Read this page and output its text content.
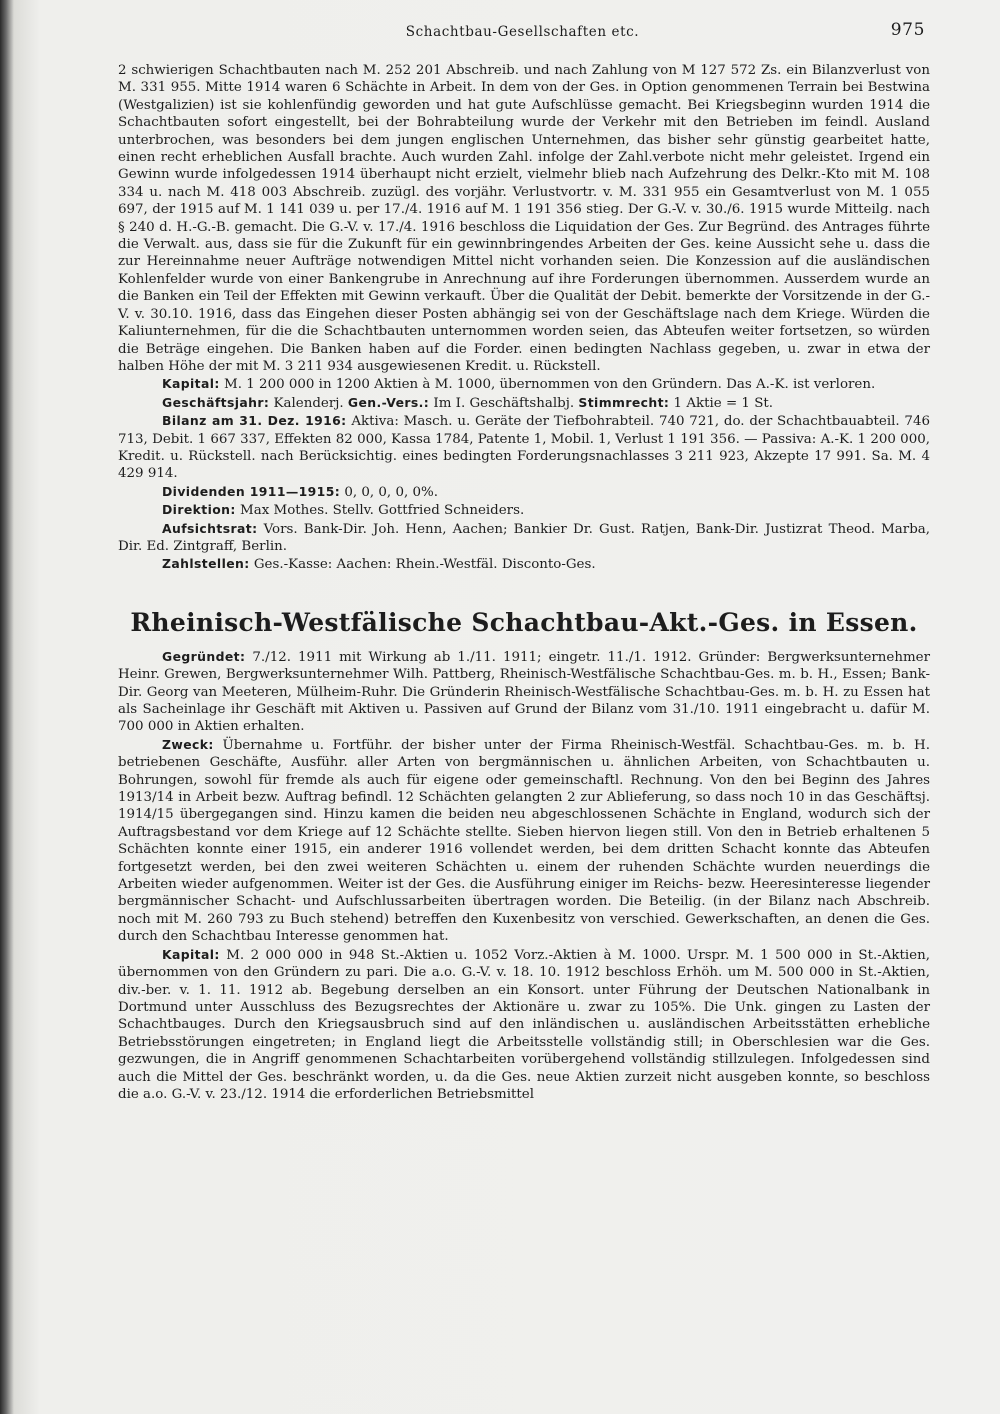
Schachtbau-Gesellschaften etc.	975

2 schwierigen Schachtbauten nach M. 252 201 Abschreib. und nach Zahlung von M 127 572 Zs. ein Bilanzverlust von M. 331 955. Mitte 1914 waren 6 Schächte in Arbeit. In dem von der Ges. in Option genommenen Terrain bei Bestwina (Westgalizien) ist sie kohlenfündig geworden und hat gute Aufschlüsse gemacht. Bei Kriegsbeginn wurden 1914 die Schachtbauten sofort eingestellt, bei der Bohrabteilung wurde der Verkehr mit den Betrieben im feindl. Ausland unterbrochen, was besonders bei dem jungen englischen Unternehmen, das bisher sehr günstig gearbeitet hatte, einen recht erheblichen Ausfall brachte. Auch wurden Zahl. infolge der Zahl.verbote nicht mehr geleistet. Irgend ein Gewinn wurde infolgedessen 1914 überhaupt nicht erzielt, vielmehr blieb nach Aufzehrung des Delkr.-Kto mit M. 108 334 u. nach M. 418 003 Abschreib. zuzügl. des vorjähr. Verlustvortr. v. M. 331 955 ein Gesamtverlust von M. 1 055 697, der 1915 auf M. 1 141 039 u. per 17./4. 1916 auf M. 1 191 356 stieg. Der G.-V. v. 30./6. 1915 wurde Mitteilg. nach § 240 d. H.-G.-B. gemacht. Die G.-V. v. 17./4. 1916 beschloss die Liquidation der Ges. Zur Begründ. des Antrages führte die Verwalt. aus, dass sie für die Zukunft für ein gewinnbringendes Arbeiten der Ges. keine Aussicht sehe u. dass die zur Hereinnahme neuer Aufträge notwendigen Mittel nicht vorhanden seien. Die Konzession auf die ausländischen Kohlenfelder wurde von einer Bankengrube in Anrechnung auf ihre Forderungen übernommen. Ausserdem wurde an die Banken ein Teil der Effekten mit Gewinn verkauft. Über die Qualität der Debit. bemerkte der Vorsitzende in der G.-V. v. 30.10. 1916, dass das Eingehen dieser Posten abhängig sei von der Geschäftslage nach dem Kriege. Würden die Kaliunternehmen, für die die Schachtbauten unternommen worden seien, das Abteufen weiter fortsetzen, so würden die Beträge eingehen. Die Banken haben auf die Forder. einen bedingten Nachlass gegeben, u. zwar in etwa der halben Höhe der mit M. 3 211 934 ausgewiesenen Kredit. u. Rückstell.

Kapital: M. 1 200 000 in 1200 Aktien à M. 1000, übernommen von den Gründern. Das A.-K. ist verloren.

Geschäftsjahr: Kalenderj. Gen.-Vers.: Im I. Geschäftshalbj. Stimmrecht: 1 Aktie = 1 St.

Bilanz am 31. Dez. 1916: Aktiva: Masch. u. Geräte der Tiefbohrabteil. 740 721, do. der Schachtbauabteil. 746 713, Debit. 1 667 337, Effekten 82 000, Kassa 1784, Patente 1, Mobil. 1, Verlust 1 191 356. — Passiva: A.-K. 1 200 000, Kredit. u. Rückstell. nach Berücksichtig. eines bedingten Forderungsnachlasses 3 211 923, Akzepte 17 991. Sa. M. 4 429 914.

Dividenden 1911—1915: 0, 0, 0, 0, 0%.

Direktion: Max Mothes. Stellv. Gottfried Schneiders.

Aufsichtsrat: Vors. Bank-Dir. Joh. Henn, Aachen; Bankier Dr. Gust. Ratjen, Bank-Dir. Justizrat Theod. Marba, Dir. Ed. Zintgraff, Berlin.

Zahlstellen: Ges.-Kasse: Aachen: Rhein.-Westfäl. Disconto-Ges.

Rheinisch-Westfälische Schachtbau-Akt.-Ges. in Essen.

Gegründet: 7./12. 1911 mit Wirkung ab 1./11. 1911; eingetr. 11./1. 1912. Gründer: Bergwerksunternehmer Heinr. Grewen, Bergwerksunternehmer Wilh. Pattberg, Rheinisch-Westfälische Schachtbau-Ges. m. b. H., Essen; Bank-Dir. Georg van Meeteren, Mülheim-Ruhr. Die Gründerin Rheinisch-Westfälische Schachtbau-Ges. m. b. H. zu Essen hat als Sacheinlage ihr Geschäft mit Aktiven u. Passiven auf Grund der Bilanz vom 31./10. 1911 eingebracht u. dafür M. 700 000 in Aktien erhalten.

Zweck: Übernahme u. Fortführ. der bisher unter der Firma Rheinisch-Westfäl. Schachtbau-Ges. m. b. H. betriebenen Geschäfte, Ausführ. aller Arten von bergmännischen u. ähnlichen Arbeiten, von Schachtbauten u. Bohrungen, sowohl für fremde als auch für eigene oder gemeinschaftl. Rechnung. Von den bei Beginn des Jahres 1913/14 in Arbeit bezw. Auftrag befindl. 12 Schächten gelangten 2 zur Ablieferung, so dass noch 10 in das Geschäftsj. 1914/15 übergegangen sind. Hinzu kamen die beiden neu abgeschlossenen Schächte in England, wodurch sich der Auftragsbestand vor dem Kriege auf 12 Schächte stellte. Sieben hiervon liegen still. Von den in Betrieb erhaltenen 5 Schächten konnte einer 1915, ein anderer 1916 vollendet werden, bei dem dritten Schacht konnte das Abteufen fortgesetzt werden, bei den zwei weiteren Schächten u. einem der ruhenden Schächte wurden neuerdings die Arbeiten wieder aufgenommen. Weiter ist der Ges. die Ausführung einiger im Reichs- bezw. Heeresinteresse liegender bergmännischer Schacht- und Aufschlussarbeiten übertragen worden. Die Beteilig. (in der Bilanz nach Abschreib. noch mit M. 260 793 zu Buch stehend) betreffen den Kuxenbesitz von verschied. Gewerkschaften, an denen die Ges. durch den Schachtbau Interesse genommen hat.

Kapital: M. 2 000 000 in 948 St.-Aktien u. 1052 Vorz.-Aktien à M. 1000. Urspr. M. 1 500 000 in St.-Aktien, übernommen von den Gründern zu pari. Die a.o. G.-V. v. 18. 10. 1912 beschloss Erhöh. um M. 500 000 in St.-Aktien, div.-ber. v. 1. 11. 1912 ab. Begebung derselben an ein Konsort. unter Führung der Deutschen Nationalbank in Dortmund unter Ausschluss des Bezugsrechtes der Aktionäre u. zwar zu 105%. Die Unk. gingen zu Lasten der Schachtbauges. Durch den Kriegsausbruch sind auf den inländischen u. ausländischen Arbeitsstätten erhebliche Betriebsstörungen eingetreten; in England liegt die Arbeitsstelle vollständig still; in Oberschlesien war die Ges. gezwungen, die in Angriff genommenen Schachtarbeiten vorübergehend vollständig stillzulegen. Infolgedessen sind auch die Mittel der Ges. beschränkt worden, u. da die Ges. neue Aktien zurzeit nicht ausgeben konnte, so beschloss die a.o. G.-V. v. 23./12. 1914 die erforderlichen Betriebsmittel
